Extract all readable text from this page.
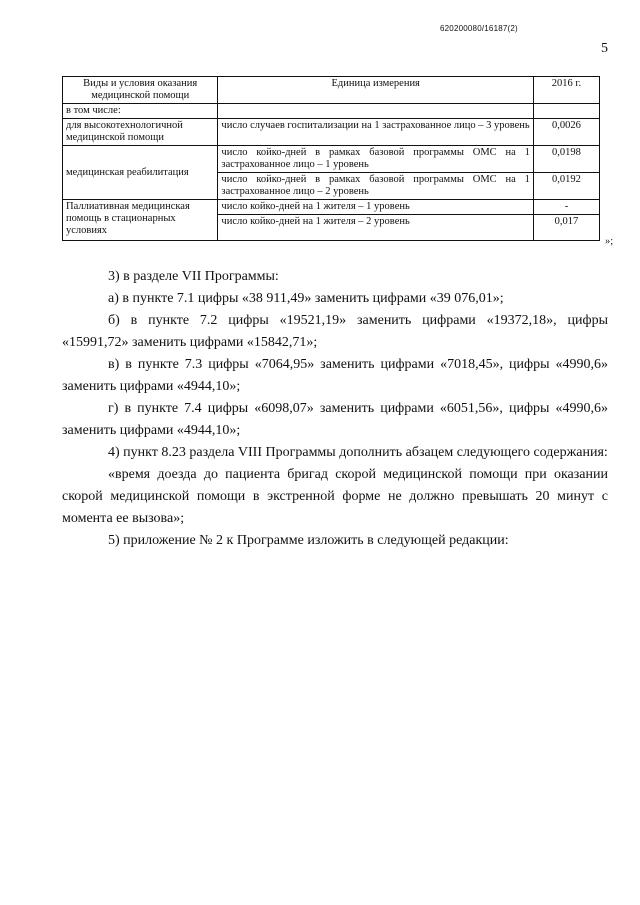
620200080/16187(2)
5
Виды и условия оказания медицинской помощи	Единица измерения	2016 г.
в том числе:		
для высокотехнологичной медицинской помощи	число случаев госпитализации на 1 застрахованное лицо – 3 уровень	0,0026
медицинская реабилитация	число койко-дней в рамках базовой программы ОМС на 1 застрахованное лицо – 1 уровень	0,0198
	число койко-дней в рамках базовой программы ОМС на 1 застрахованное лицо – 2 уровень	0,0192
Паллиативная медицинская помощь в стационарных условиях	число койко-дней на 1 жителя – 1 уровень	-
	число койко-дней на 1 жителя – 2 уровень	0,017
»;

3) в разделе VII Программы:

а) в пункте 7.1 цифры «38 911,49» заменить цифрами «39 076,01»;

б) в пункте 7.2 цифры «19521,19» заменить цифрами «19372,18», цифры «15991,72» заменить цифрами «15842,71»;

в) в пункте 7.3 цифры «7064,95» заменить цифрами «7018,45», цифры «4990,6» заменить цифрами «4944,10»;

г) в пункте 7.4 цифры «6098,07» заменить цифрами «6051,56», цифры «4990,6» заменить цифрами «4944,10»;

4) пункт 8.23 раздела VIII Программы дополнить абзацем следующего содержания:

«время доезда до пациента бригад скорой медицинской помощи при оказании скорой медицинской помощи в экстренной форме не должно превышать 20 минут с момента ее вызова»;

5) приложение № 2 к Программе изложить в следующей редакции:
